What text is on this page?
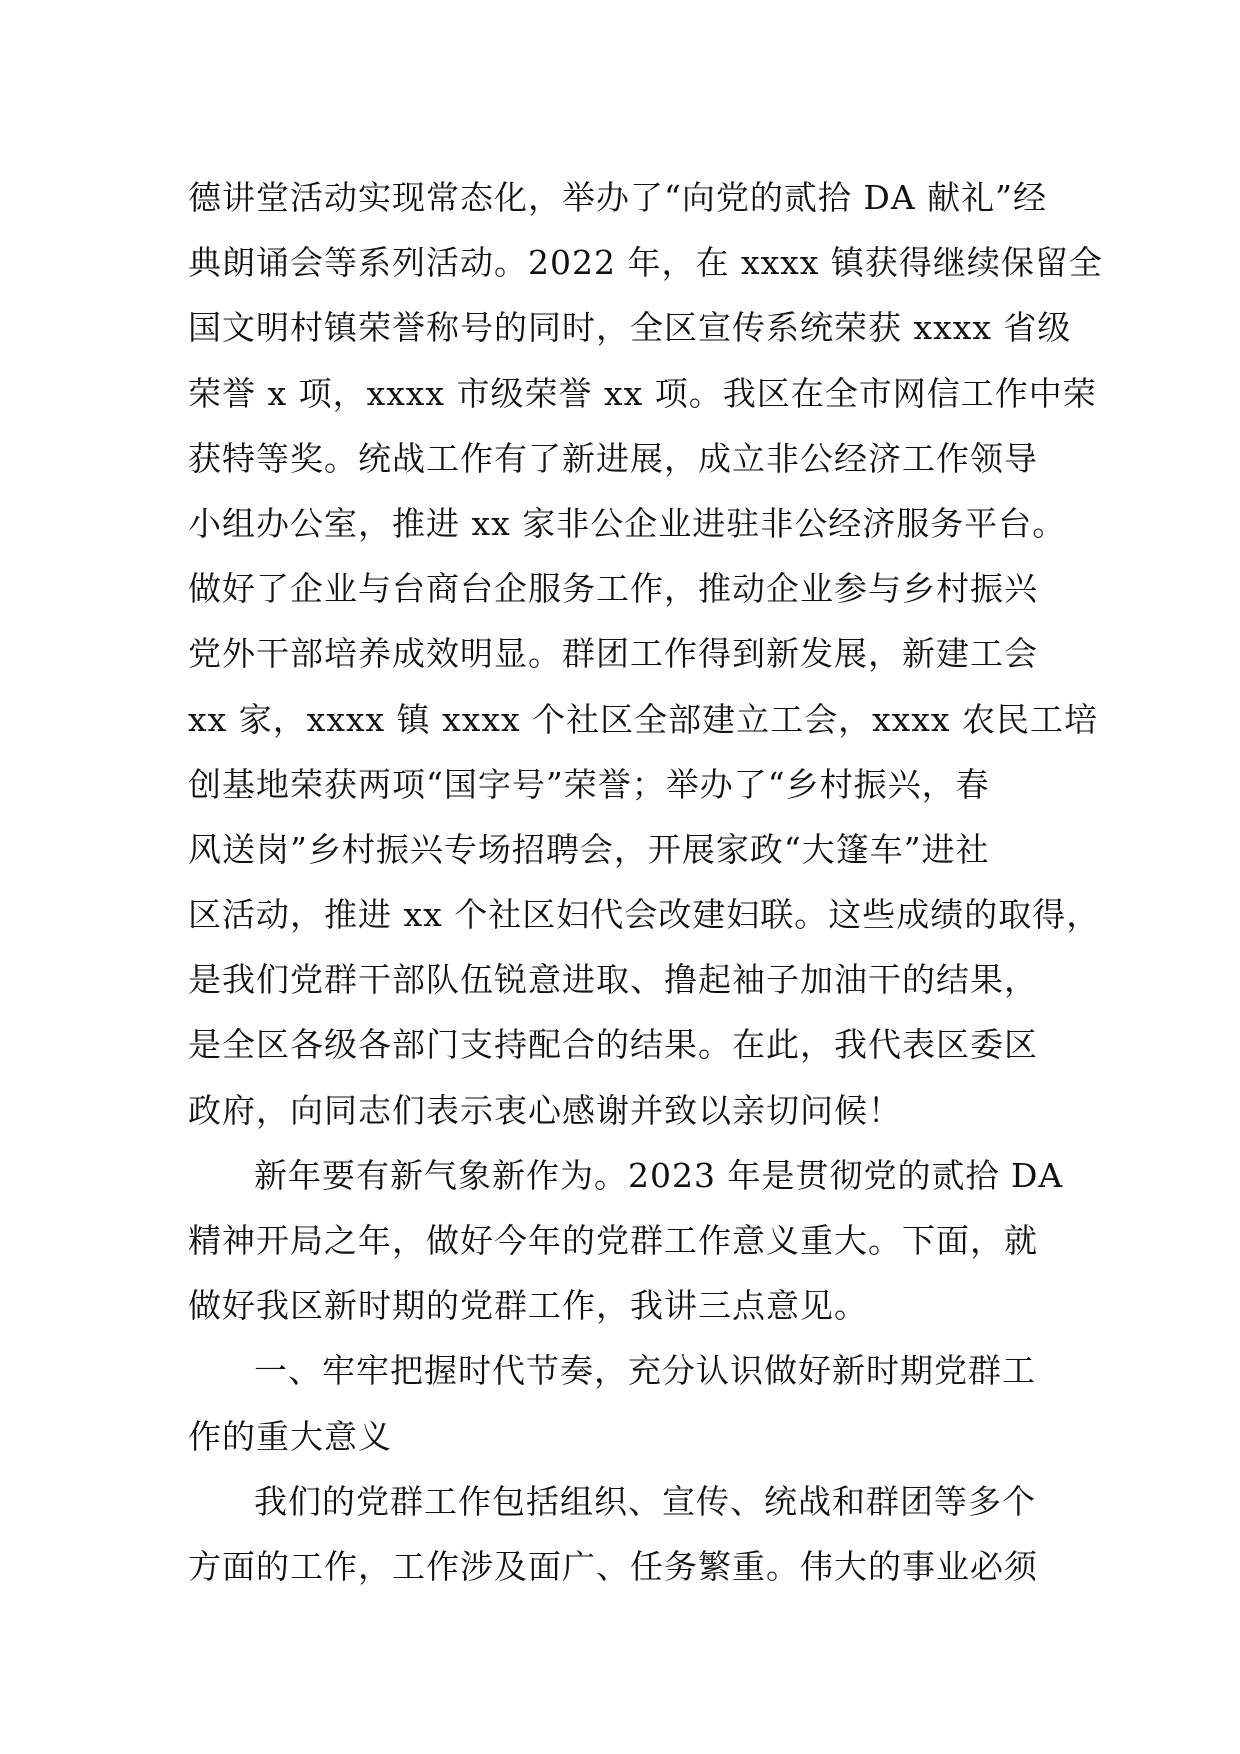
德讲堂活动实现常态化，举办了“向党的贰拾 DA 献礼”经
典朗诵会等系列活动。2022 年，在 xxxx 镇获得继续保留全
国文明村镇荣誉称号的同时，全区宣传系统荣获 xxxx 省级
荣誉 x 项，xxxx 市级荣誉 xx 项。我区在全市网信工作中荣
获特等奖。统战工作有了新进展，成立非公经济工作领导
小组办公室，推进 xx 家非公企业进驻非公经济服务平台。
做好了企业与台商台企服务工作，推动企业参与乡村振兴
党外干部培养成效明显。群团工作得到新发展，新建工会
xx 家，xxxx 镇 xxxx 个社区全部建立工会，xxxx 农民工培
创基地荣获两项“国字号”荣誉；举办了“乡村振兴，春
风送岗”乡村振兴专场招聘会，开展家政“大篷车”进社
区活动，推进 xx 个社区妇代会改建妇联。这些成绩的取得，
是我们党群干部队伍锐意进取、撸起袖子加油干的结果，
是全区各级各部门支持配合的结果。在此，我代表区委区
政府，向同志们表示衷心感谢并致以亲切问候！
新年要有新气象新作为。2023 年是贯彻党的贰拾 DA
精神开局之年，做好今年的党群工作意义重大。下面，就
做好我区新时期的党群工作，我讲三点意见。
一、牢牢把握时代节奏，充分认识做好新时期党群工
作的重大意义
我们的党群工作包括组织、宣传、统战和群团等多个
方面的工作，工作涉及面广、任务繁重。伟大的事业必须
